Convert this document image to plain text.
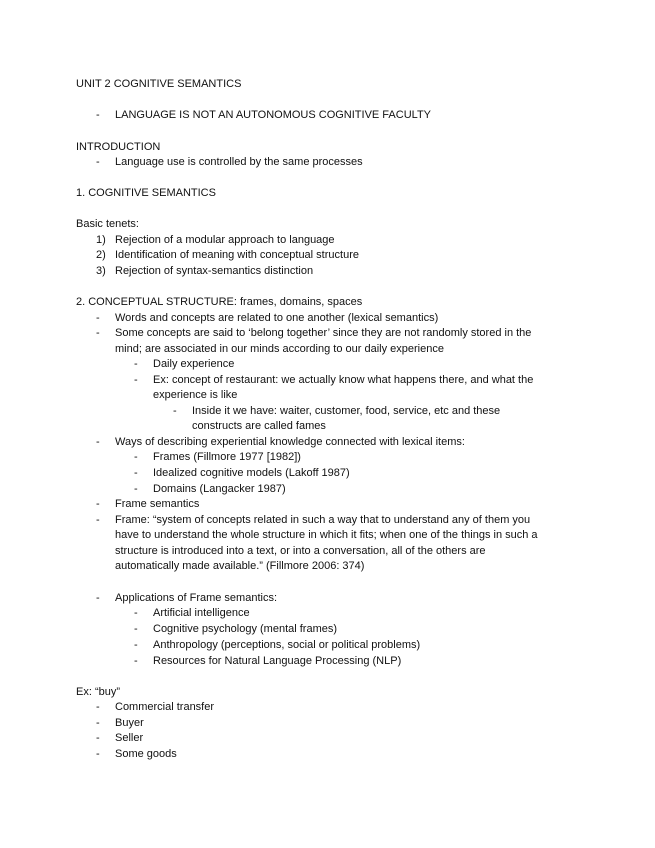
UNIT 2 COGNITIVE SEMANTICS
- LANGUAGE IS NOT AN AUTONOMOUS COGNITIVE FACULTY
INTRODUCTION
- Language use is controlled by the same processes
1. COGNITIVE SEMANTICS
Basic tenets:
1) Rejection of a modular approach to language
2) Identification of meaning with conceptual structure
3) Rejection of syntax-semantics distinction
2. CONCEPTUAL STRUCTURE: frames, domains, spaces
- Words and concepts are related to one another (lexical semantics)
- Some concepts are said to ‘belong together’ since they are not randomly stored in the
mind; are associated in our minds according to our daily experience
- Daily experience
- Ex: concept of restaurant: we actually know what happens there, and what the
experience is like
- Inside it we have: waiter, customer, food, service, etc and these
constructs are called fames
- Ways of describing experiential knowledge connected with lexical items:
- Frames (Fillmore 1977 [1982])
- Idealized cognitive models (Lakoff 1987)
- Domains (Langacker 1987)
- Frame semantics
- Frame: “system of concepts related in such a way that to understand any of them you
have to understand the whole structure in which it fits; when one of the things in such a
structure is introduced into a text, or into a conversation, all of the others are
automatically made available.” (Fillmore 2006: 374)
- Applications of Frame semantics:
- Artificial intelligence
- Cognitive psychology (mental frames)
- Anthropology (perceptions, social or political problems)
- Resources for Natural Language Processing (NLP)
Ex: “buy”
- Commercial transfer
- Buyer
- Seller
- Some goods
